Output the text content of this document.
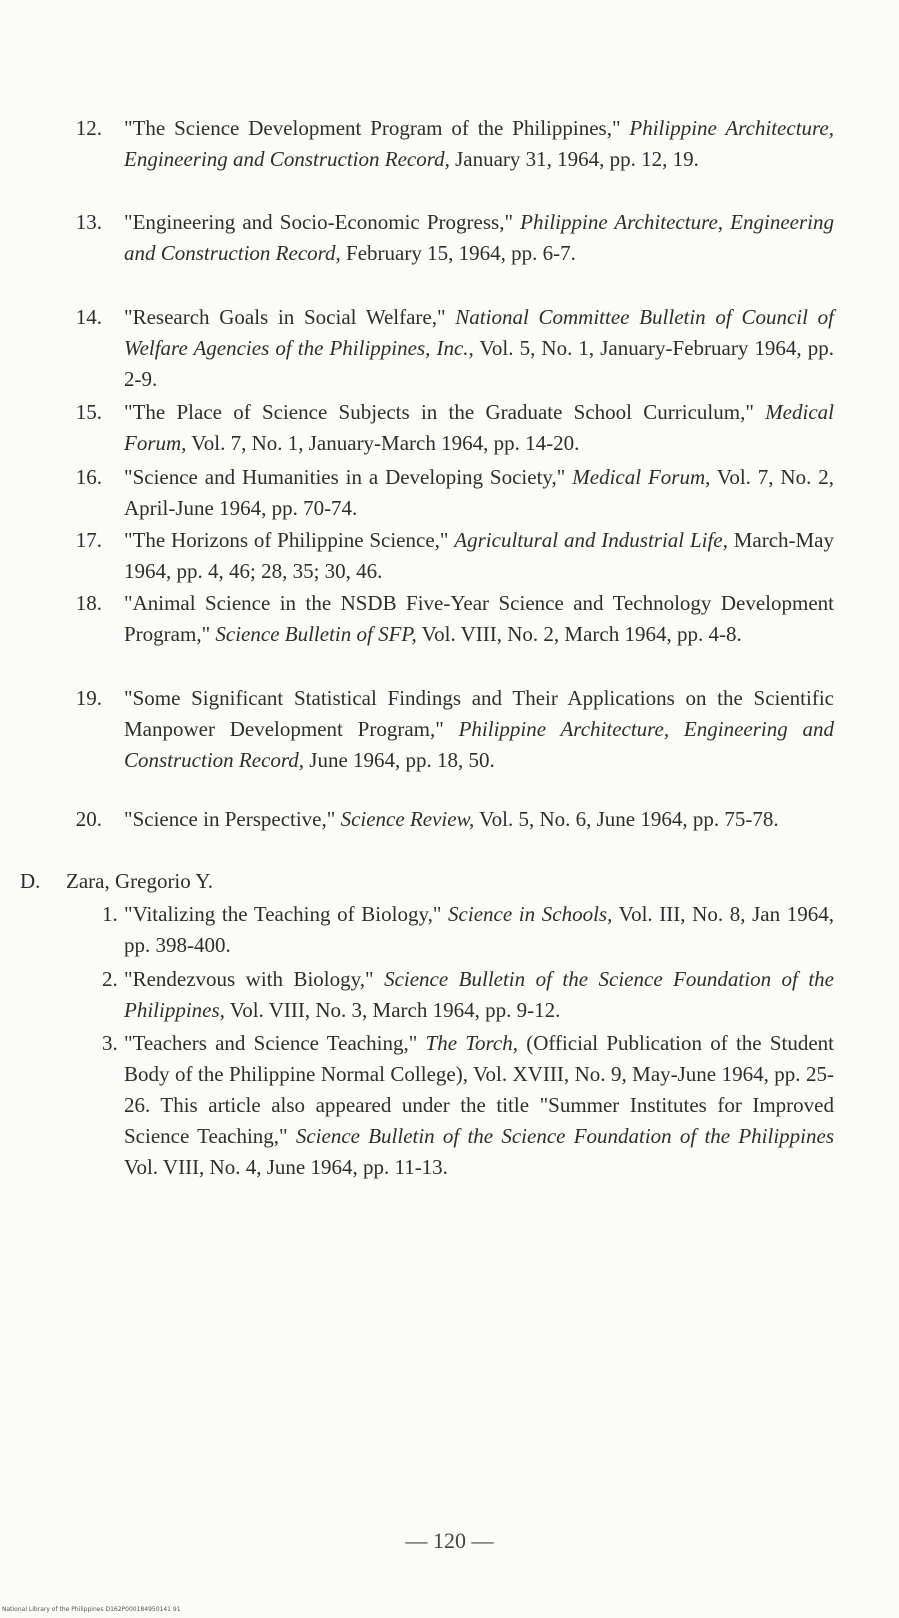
12. "The Science Development Program of the Philippines," Philippine Architecture, Engineering and Construction Record, January 31, 1964, pp. 12, 19.
13. "Engineering and Socio-Economic Progress," Philippine Architecture, Engineering and Construction Record, February 15, 1964, pp. 6-7.
14. "Research Goals in Social Welfare," National Committee Bulletin of Council of Welfare Agencies of the Philippines, Inc., Vol. 5, No. 1, January-February 1964, pp. 2-9.
15. "The Place of Science Subjects in the Graduate School Curriculum," Medical Forum, Vol. 7, No. 1, January-March 1964, pp. 14-20.
16. "Science and Humanities in a Developing Society," Medical Forum, Vol. 7, No. 2, April-June 1964, pp. 70-74.
17. "The Horizons of Philippine Science," Agricultural and Industrial Life, March-May 1964, pp. 4, 46; 28, 35; 30, 46.
18. "Animal Science in the NSDB Five-Year Science and Technology Development Program," Science Bulletin of SFP, Vol. VIII, No. 2, March 1964, pp. 4-8.
19. "Some Significant Statistical Findings and Their Applications on the Scientific Manpower Development Program," Philippine Architecture, Engineering and Construction Record, June 1964, pp. 18, 50.
20. "Science in Perspective," Science Review, Vol. 5, No. 6, June 1964, pp. 75-78.
D. Zara, Gregorio Y.
1. "Vitalizing the Teaching of Biology," Science in Schools, Vol. III, No. 8, Jan 1964, pp. 398-400.
2. "Rendezvous with Biology," Science Bulletin of the Science Foundation of the Philippines, Vol. VIII, No. 3, March 1964, pp. 9-12.
3. "Teachers and Science Teaching," The Torch, (Official Publication of the Student Body of the Philippine Normal College), Vol. XVIII, No. 9, May-June 1964, pp. 25-26. This article also appeared under the title "Summer Institutes for Improved Science Teaching," Science Bulletin of the Science Foundation of the Philippines Vol. VIII, No. 4, June 1964, pp. 11-13.
— 120 —
National Library of the Philippines D162P000184950141 91
